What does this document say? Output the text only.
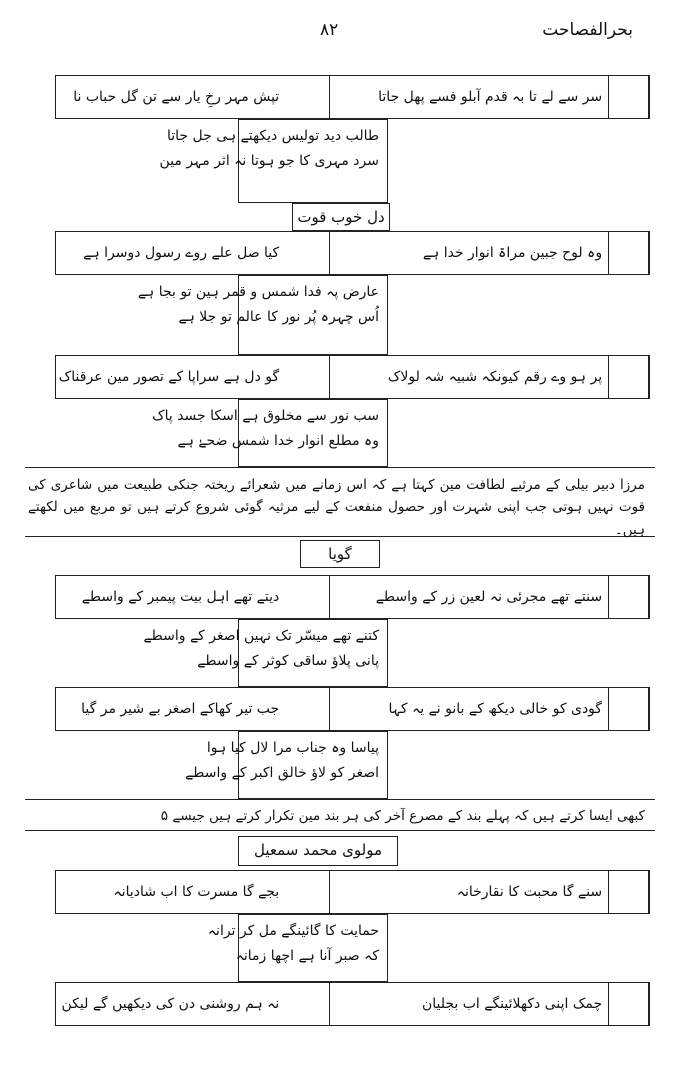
بحرالفصاحت
۸۲
تپش مہر رخِ یار سے تن گل حباب نا	سر سے لے تا بہ قدم آبلو فسے پھل جاتا
طالب دید تولیس دیکھتے ہی جل جاتا
سرد مہری کا جو ہوتا نہ اثر مہر مین
دل خوب قوت
کیا صل علے روے رسول دوسرا ہے	وہ لوح جبین مراۃ انوار خدا ہے
عارض پہ فدا شمس و قمر ہین تو بجا ہے
اُس چہرہ پُر نور کا عالم تو جلا ہے
گو دل ہے سراپا کے تصور مین عرقناک	پر ہو وے رقم کیونکہ شبیہ شہ لولاک
سب نور سے مخلوق ہے اسکا جسد پاک
وہ مطلع انوار خدا شمس ضحےٰ ہے
مرزا دبیر بیلی کے مرثیے لطافت مین کہتا ہے کہ اس زمانے میں شعرائے ریختہ جنکی طبیعت میں شاعری کی قوت نہیں ہوتی جب اپنی شہرت اور حصول منفعت کے لیے مرثیہ گوئی شروع کرتے ہیں تو مربع میں لکھتے ہیں۔
گویا
دیتے تھے اہل بیت پیمبر کے واسطے	سنتے تھے مجرئی نہ لعین زر کے واسطے
کتنے تھے میسّر تک نہیں اصغر کے واسطے
پانی پلاؤ ساقی کوثر کے واسطے
جب تیر کھاکے اصغر بے شیر مر گیا	گودی کو خالی دیکھ کے بانو نے یہ کہا
پیاسا وہ جناب مرا لال کیا ہوا
اصغر کو لاؤ خالق اکبر کے واسطے
کبھی ایسا کرتے ہیں کہ پہلے بند کے مصرع آخر کی ہر بند مین تکرار کرتے ہیں جیسے ۵
مولوی محمد سمعیل
بجے گا مسرت کا اب شادیانہ	سنے گا محبت کا نقارخانہ
حمایت کا گائینگے مل کر ترانہ
کہ صبر آنا ہے اچھا زمانہ
نہ ہم روشنی دن کی دیکھیں گے لیکن	چمک اپنی دکھلائینگے اب بجلیان
